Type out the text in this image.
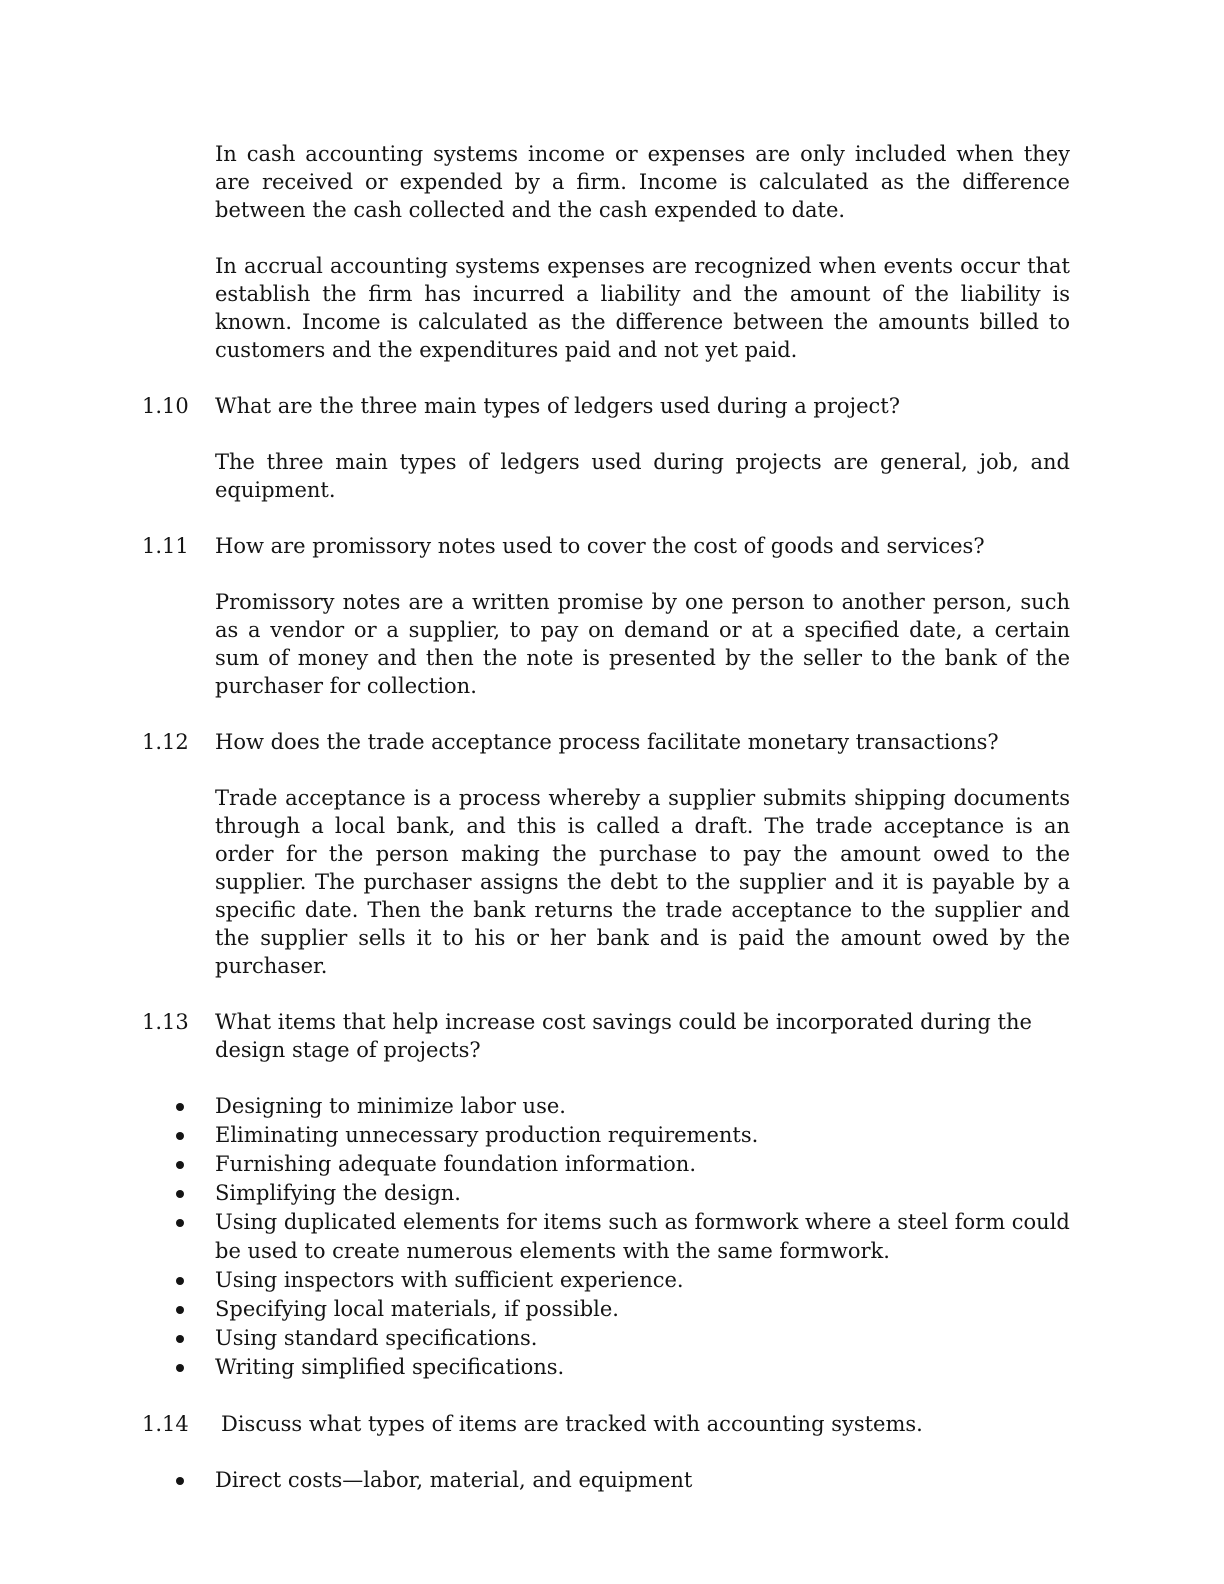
In cash accounting systems income or expenses are only included when they are received or expended by a firm. Income is calculated as the difference between the cash collected and the cash expended to date.

In accrual accounting systems expenses are recognized when events occur that establish the firm has incurred a liability and the amount of the liability is known. Income is calculated as the difference between the amounts billed to customers and the expenditures paid and not yet paid.

1.10 What are the three main types of ledgers used during a project?

The three main types of ledgers used during projects are general, job, and equipment.

1.11 How are promissory notes used to cover the cost of goods and services?

Promissory notes are a written promise by one person to another person, such as a vendor or a supplier, to pay on demand or at a specified date, a certain sum of money and then the note is presented by the seller to the bank of the purchaser for collection.

1.12 How does the trade acceptance process facilitate monetary transactions?

Trade acceptance is a process whereby a supplier submits shipping documents through a local bank, and this is called a draft. The trade acceptance is an order for the person making the purchase to pay the amount owed to the supplier. The purchaser assigns the debt to the supplier and it is payable by a specific date. Then the bank returns the trade acceptance to the supplier and the supplier sells it to his or her bank and is paid the amount owed by the purchaser.

1.13 What items that help increase cost savings could be incorporated during the design stage of projects?
Designing to minimize labor use.
Eliminating unnecessary production requirements.
Furnishing adequate foundation information.
Simplifying the design.
Using duplicated elements for items such as formwork where a steel form could be used to create numerous elements with the same formwork.
Using inspectors with sufficient experience.
Specifying local materials, if possible.
Using standard specifications.
Writing simplified specifications.
1.14 Discuss what types of items are tracked with accounting systems.
Direct costs—labor, material, and equipment
